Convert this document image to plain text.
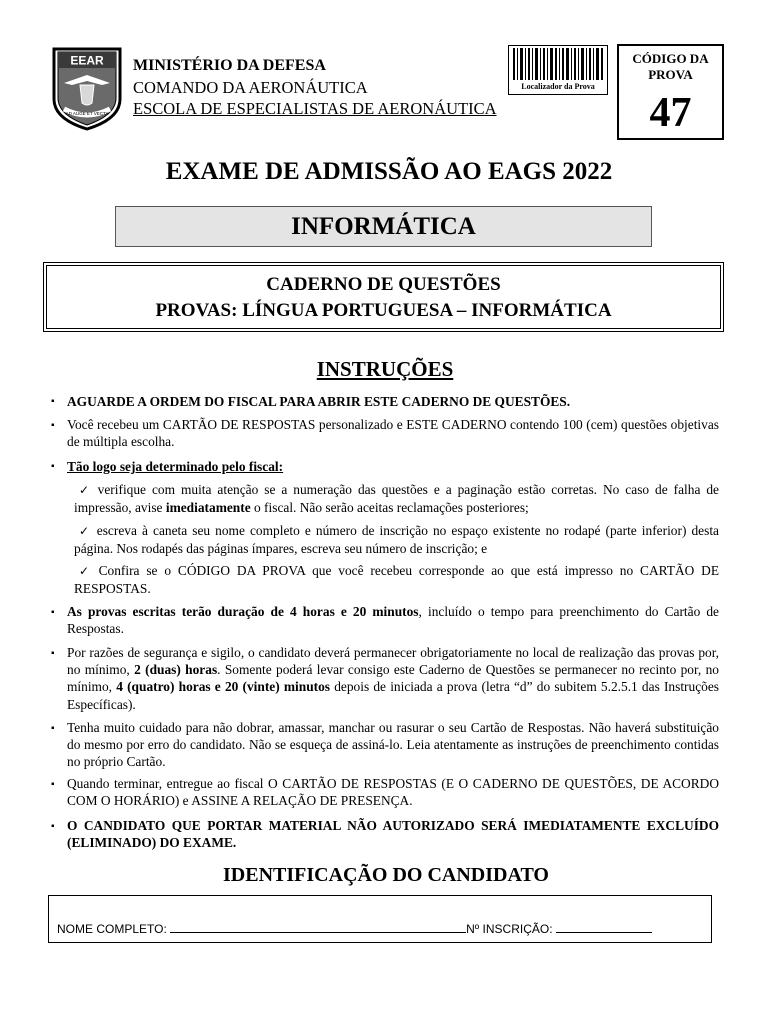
EEAR
AD AUGE ET VECTA
MINISTÉRIO DA DEFESA
COMANDO DA AERONÁUTICA
ESCOLA DE ESPECIALISTAS DE AERONÁUTICA
Localizador da Prova
CÓDIGO DA
PROVA
47
EXAME DE ADMISSÃO AO EAGS 2022
INFORMÁTICA
CADERNO DE QUESTÕES
PROVAS: LÍNGUA PORTUGUESA – INFORMÁTICA
INSTRUÇÕES
▪ AGUARDE A ORDEM DO FISCAL PARA ABRIR ESTE CADERNO DE QUESTÕES.
▪ Você recebeu um CARTÃO DE RESPOSTAS personalizado e ESTE CADERNO contendo 100 (cem) questões objetivas de múltipla escolha.
▪ Tão logo seja determinado pelo fiscal:
✓ verifique com muita atenção se a numeração das questões e a paginação estão corretas. No caso de falha de impressão, avise imediatamente o fiscal. Não serão aceitas reclamações posteriores;
✓ escreva à caneta seu nome completo e número de inscrição no espaço existente no rodapé (parte inferior) desta página. Nos rodapés das páginas ímpares, escreva seu número de inscrição; e
✓ Confira se o CÓDIGO DA PROVA que você recebeu corresponde ao que está impresso no CARTÃO DE RESPOSTAS.
▪ As provas escritas terão duração de 4 horas e 20 minutos, incluído o tempo para preenchimento do Cartão de Respostas.
▪ Por razões de segurança e sigilo, o candidato deverá permanecer obrigatoriamente no local de realização das provas por, no mínimo, 2 (duas) horas. Somente poderá levar consigo este Caderno de Questões se permanecer no recinto por, no mínimo, 4 (quatro) horas e 20 (vinte) minutos depois de iniciada a prova (letra “d” do subitem 5.2.5.1 das Instruções Específicas).
▪ Tenha muito cuidado para não dobrar, amassar, manchar ou rasurar o seu Cartão de Respostas. Não haverá substituição do mesmo por erro do candidato. Não se esqueça de assiná-lo. Leia atentamente as instruções de preenchimento contidas no próprio Cartão.
▪ Quando terminar, entregue ao fiscal O CARTÃO DE RESPOSTAS (E O CADERNO DE QUESTÕES, DE ACORDO COM O HORÁRIO) e ASSINE A RELAÇÃO DE PRESENÇA.
▪ O CANDIDATO QUE PORTAR MATERIAL NÃO AUTORIZADO SERÁ IMEDIATAMENTE EXCLUÍDO (ELIMINADO) DO EXAME.
IDENTIFICAÇÃO DO CANDIDATO
NOME COMPLETO:	Nº INSCRIÇÃO:
